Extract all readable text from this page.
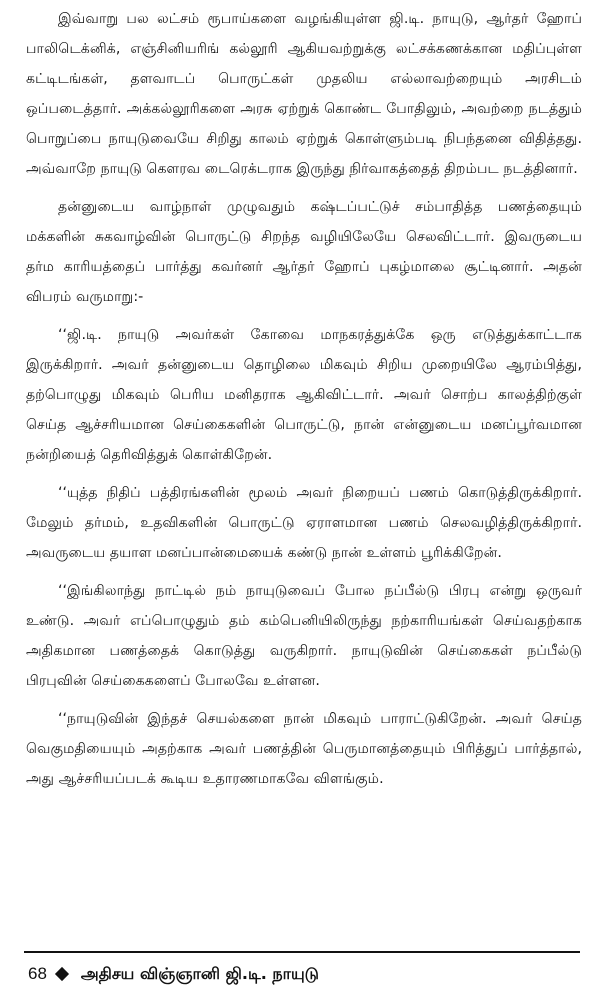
இவ்வாறு பல லட்சம் ரூபாய்களை வழங்கியுள்ள ஜி.டி. நாயுடு, ஆர்தர் ஹோப் பாலிடெக்னிக், எஞ்சினியரிங் கல்லூரி ஆகியவற்றுக்கு லட்சக்கணக்கான மதிப்புள்ள கட்டிடங்கள், தளவாடப் பொருட்கள் முதலிய எல்லாவற்றையும் அரசிடம் ஒப்படைத்தார். அக்கல்லூரிகளை அரசு ஏற்றுக் கொண்ட போதிலும், அவற்றை நடத்தும் பொறுப்பை நாயுடுவையே சிறிது காலம் ஏற்றுக் கொள்ளும்படி நிபந்தனை விதித்தது. அவ்வாறே நாயுடு கௌரவ டைரெக்டராக இருந்து நிர்வாகத்தைத் திறம்பட நடத்தினார்.

தன்னுடைய வாழ்நாள் முழுவதும் கஷ்டப்பட்டுச் சம்பாதித்த பணத்தையும் மக்களின் சுகவாழ்வின் பொருட்டு சிறந்த வழியிலேயே செலவிட்டார். இவருடைய தர்ம காரியத்தைப் பார்த்து கவர்னர் ஆர்தர் ஹோப் புகழ்மாலை சூட்டினார். அதன் விபரம் வருமாறு:-

‘‘ஜி.டி. நாயுடு அவர்கள் கோவை மாநகரத்துக்கே ஒரு எடுத்துக்காட்டாக இருக்கிறார். அவர் தன்னுடைய தொழிலை மிகவும் சிறிய முறையிலே ஆரம்பித்து, தற்பொழுது மிகவும் பெரிய மனிதராக ஆகிவிட்டார். அவர் சொற்ப காலத்திற்குள் செய்த ஆச்சரியமான செய்கைகளின் பொருட்டு, நான் என்னுடைய மனப்பூர்வமான நன்றியைத் தெரிவித்துக் கொள்கிறேன்.

‘‘யுத்த நிதிப் பத்திரங்களின் மூலம் அவர் நிறையப் பணம் கொடுத்திருக்கிறார். மேலும் தர்மம், உதவிகளின் பொருட்டு ஏராளமான பணம் செலவழித்திருக்கிறார். அவருடைய தயாள மனப்பான்மையைக் கண்டு நான் உள்ளம் பூரிக்கிறேன்.

‘‘இங்கிலாந்து நாட்டில் நம் நாயுடுவைப் போல நப்பீல்டு பிரபு என்று ஒருவர் உண்டு. அவர் எப்பொழுதும் தம் கம்பெனியிலிருந்து நற்காரியங்கள் செய்வதற்காக அதிகமான பணத்தைக் கொடுத்து வருகிறார். நாயுடுவின் செய்கைகள் நப்பீல்டு பிரபுவின் செய்கைகளைப் போலவே உள்ளன.

‘‘நாயுடுவின் இந்தச் செயல்களை நான் மிகவும் பாராட்டுகிறேன். அவர் செய்த வெகுமதியையும் அதற்காக அவர் பணத்தின் பெருமானத்தையும் பிரித்துப் பார்த்தால், அது ஆச்சரியப்படக் கூடிய உதாரணமாகவே விளங்கும்.

68 அதிசய விஞ்ஞானி ஜி.டி. நாயுடு
